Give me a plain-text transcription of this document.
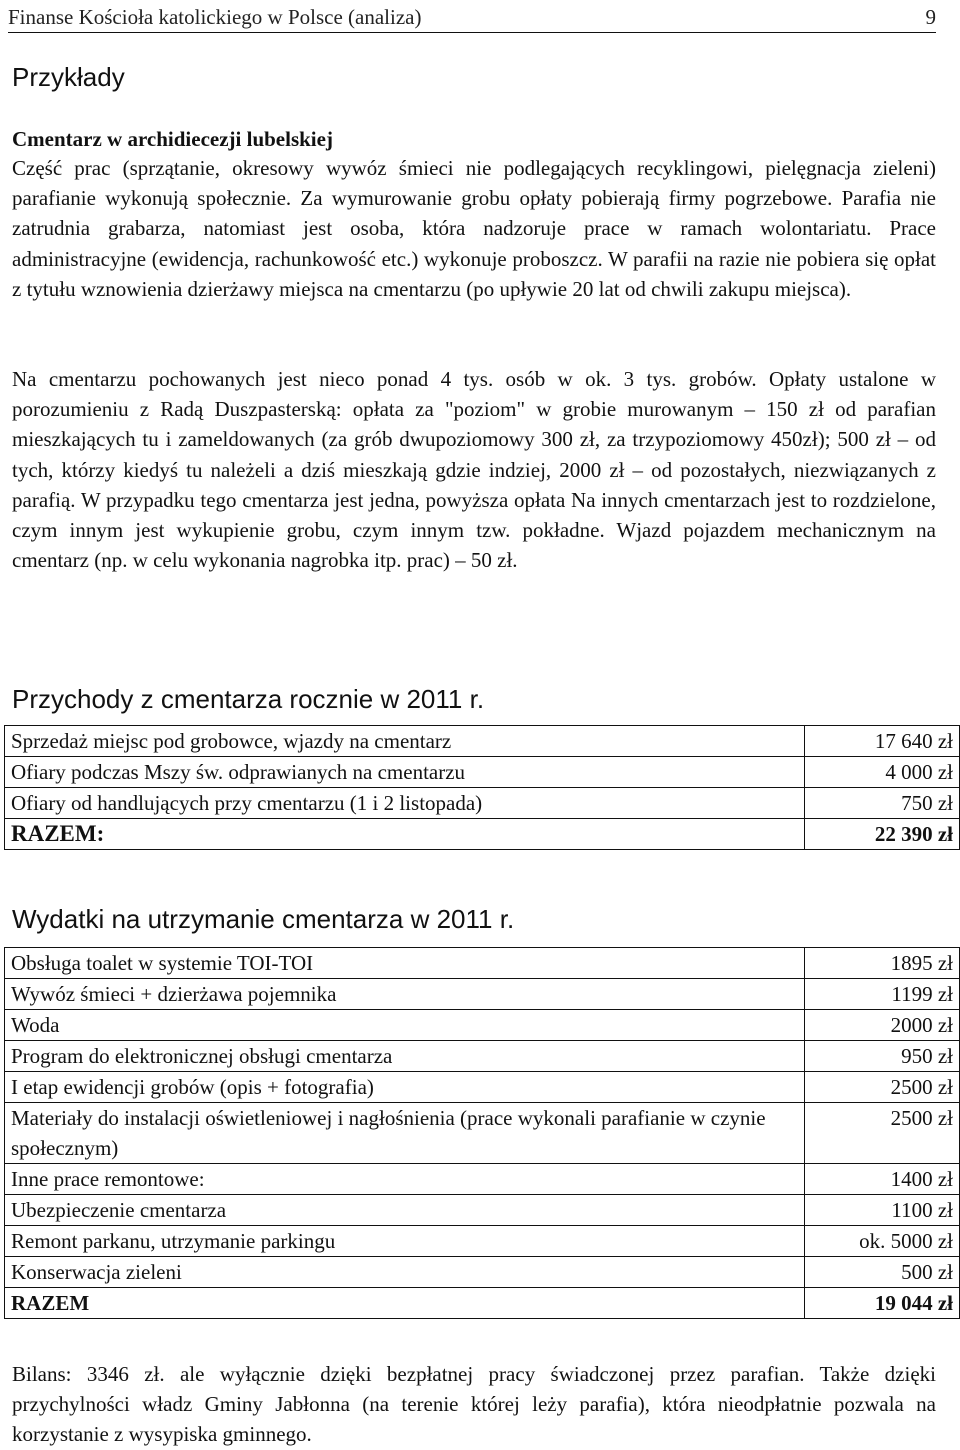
Finanse Kościoła katolickiego w Polsce (analiza)	9
Przykłady
Cmentarz w archidiecezji lubelskiej

Część prac (sprzątanie, okresowy wywóz śmieci nie podlegających recyklingowi, pielęgnacja zieleni) parafianie wykonują społecznie. Za wymurowanie grobu opłaty pobierają firmy pogrzebowe. Parafia nie zatrudnia grabarza, natomiast jest osoba, która nadzoruje prace w ramach wolontariatu. Prace administracyjne (ewidencja, rachunkowość etc.) wykonuje proboszcz. W parafii na razie nie pobiera się opłat z tytułu wznowienia dzierżawy miejsca na cmentarzu (po upływie 20 lat od chwili zakupu miejsca).

Na cmentarzu pochowanych jest nieco ponad 4 tys. osób w ok. 3 tys. grobów. Opłaty ustalone w porozumieniu z Radą Duszpasterską: opłata za "poziom" w grobie murowanym – 150 zł od parafian mieszkających tu i zameldowanych (za grób dwupoziomowy 300 zł, za trzypoziomowy 450zł); 500 zł – od tych, którzy kiedyś tu należeli a dziś mieszkają gdzie indziej, 2000 zł – od pozostałych, niezwiązanych z parafią. W przypadku tego cmentarza jest jedna, powyższa opłata Na innych cmentarzach jest to rozdzielone, czym innym jest wykupienie grobu, czym innym tzw. pokładne. Wjazd pojazdem mechanicznym na cmentarz (np. w celu wykonania nagrobka itp. prac) – 50 zł.

Przychody z cmentarza rocznie w 2011 r.
Sprzedaż miejsc pod grobowce, wjazdy na cmentarz	17 640 zł
Ofiary podczas Mszy św. odprawianych na cmentarzu	4 000 zł
Ofiary od handlujących przy cmentarzu (1 i 2 listopada)	750 zł
RAZEM:	22 390 zł
Wydatki na utrzymanie cmentarza w 2011 r.
Obsługa toalet w systemie TOI-TOI	1895 zł
Wywóz śmieci + dzierżawa pojemnika	1199 zł
Woda	2000 zł
Program do elektronicznej obsługi cmentarza	950 zł
I etap ewidencji grobów (opis + fotografia)	2500 zł
Materiały do instalacji oświetleniowej i nagłośnienia (prace wykonali parafianie w czynie społecznym)	2500 zł
Inne prace remontowe:	1400 zł
Ubezpieczenie cmentarza	1100 zł
Remont parkanu, utrzymanie parkingu	ok. 5000 zł
Konserwacja zieleni	500 zł
RAZEM	19 044 zł

Bilans: 3346 zł. ale wyłącznie dzięki bezpłatnej pracy świadczonej przez parafian. Także dzięki przychylności władz Gminy Jabłonna (na terenie której leży parafia), która nieodpłatnie pozwala na korzystanie z wysypiska gminnego.
